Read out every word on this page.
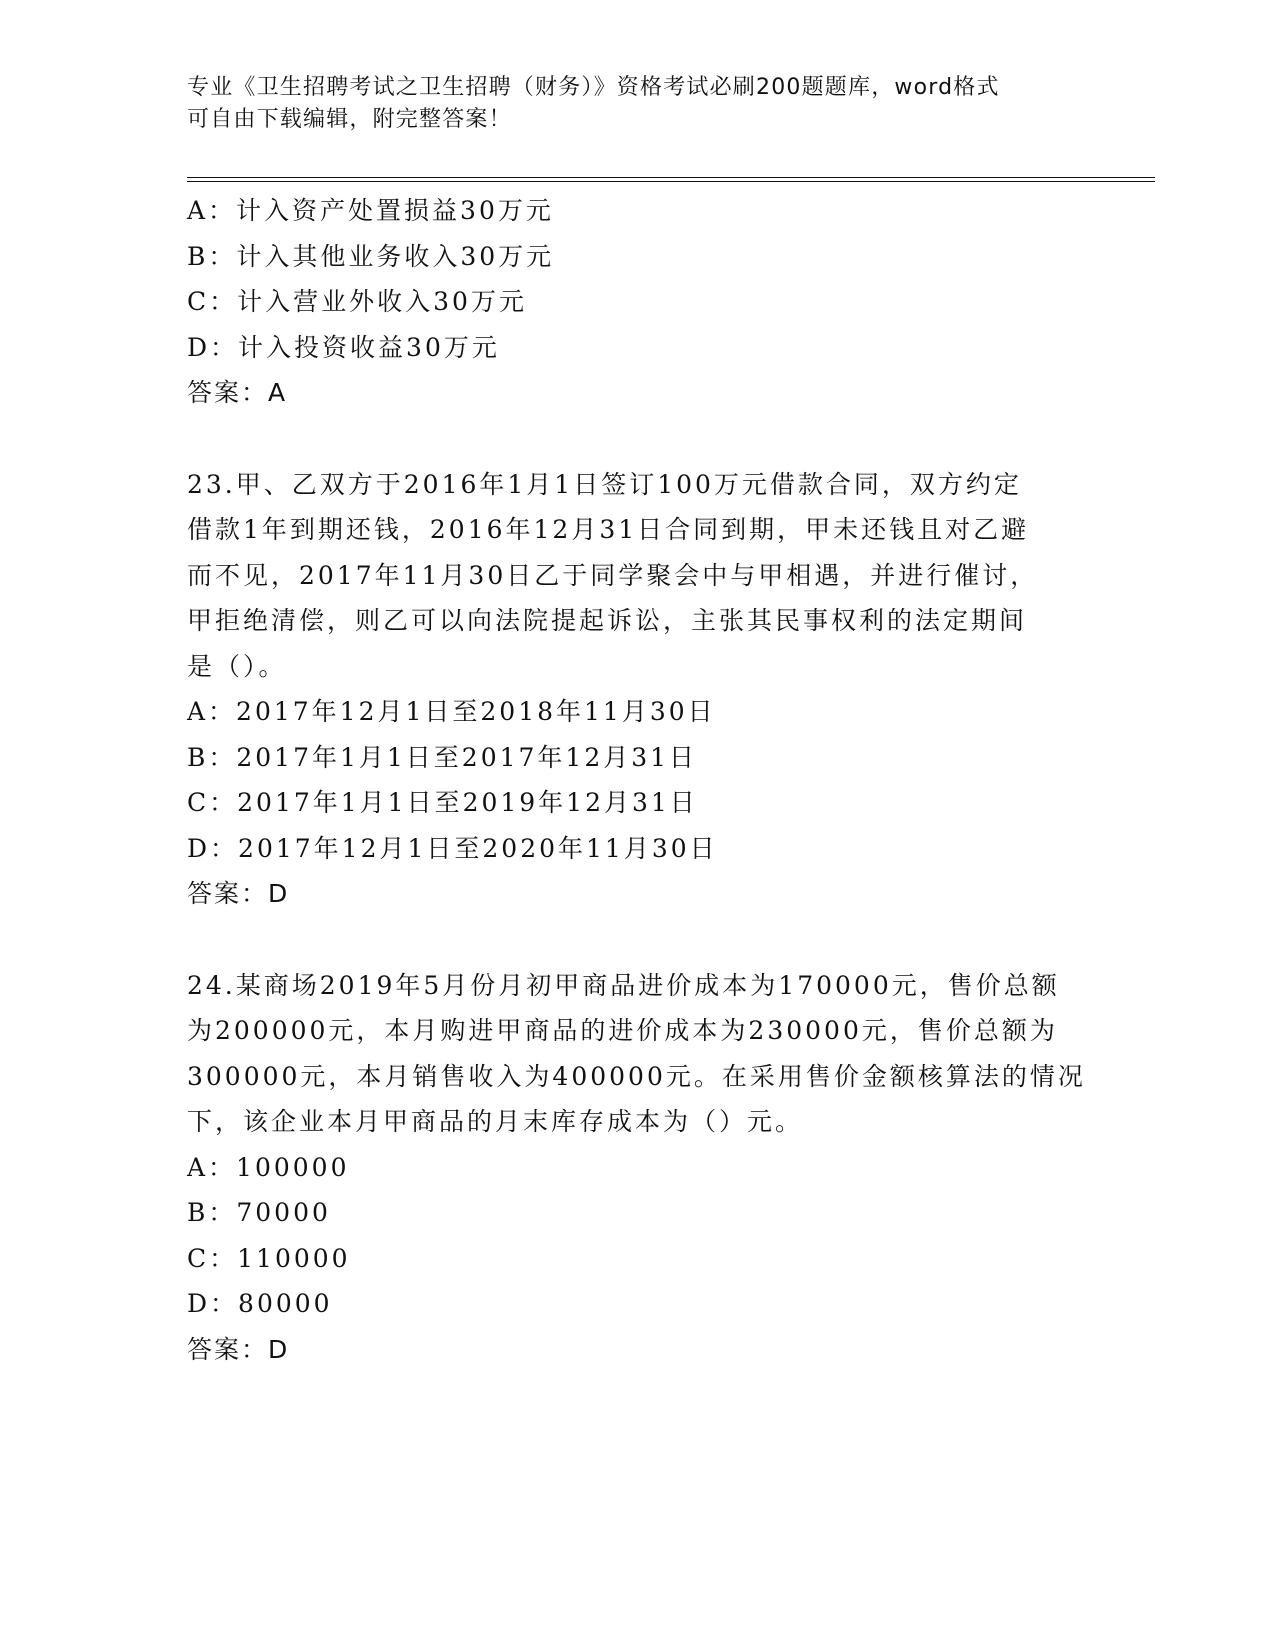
专业《卫生招聘考试之卫生招聘（财务）》资格考试必刷200题题库，word格式
可自由下载编辑，附完整答案！
A：计入资产处置损益30万元
B：计入其他业务收入30万元
C：计入营业外收入30万元
D：计入投资收益30万元
答案：A
23.甲、乙双方于2016年1月1日签订100万元借款合同，双方约定
借款1年到期还钱，2016年12月31日合同到期，甲未还钱且对乙避
而不见，2017年11月30日乙于同学聚会中与甲相遇，并进行催讨，
甲拒绝清偿，则乙可以向法院提起诉讼，主张其民事权利的法定期间
是（）。
A：2017年12月1日至2018年11月30日
B：2017年1月1日至2017年12月31日
C：2017年1月1日至2019年12月31日
D：2017年12月1日至2020年11月30日
答案：D
24.某商场2019年5月份月初甲商品进价成本为170000元，售价总额
为200000元，本月购进甲商品的进价成本为230000元，售价总额为
300000元，本月销售收入为400000元。在采用售价金额核算法的情况
下，该企业本月甲商品的月末库存成本为（）元。
A：100000
B：70000
C：110000
D：80000
答案：D
